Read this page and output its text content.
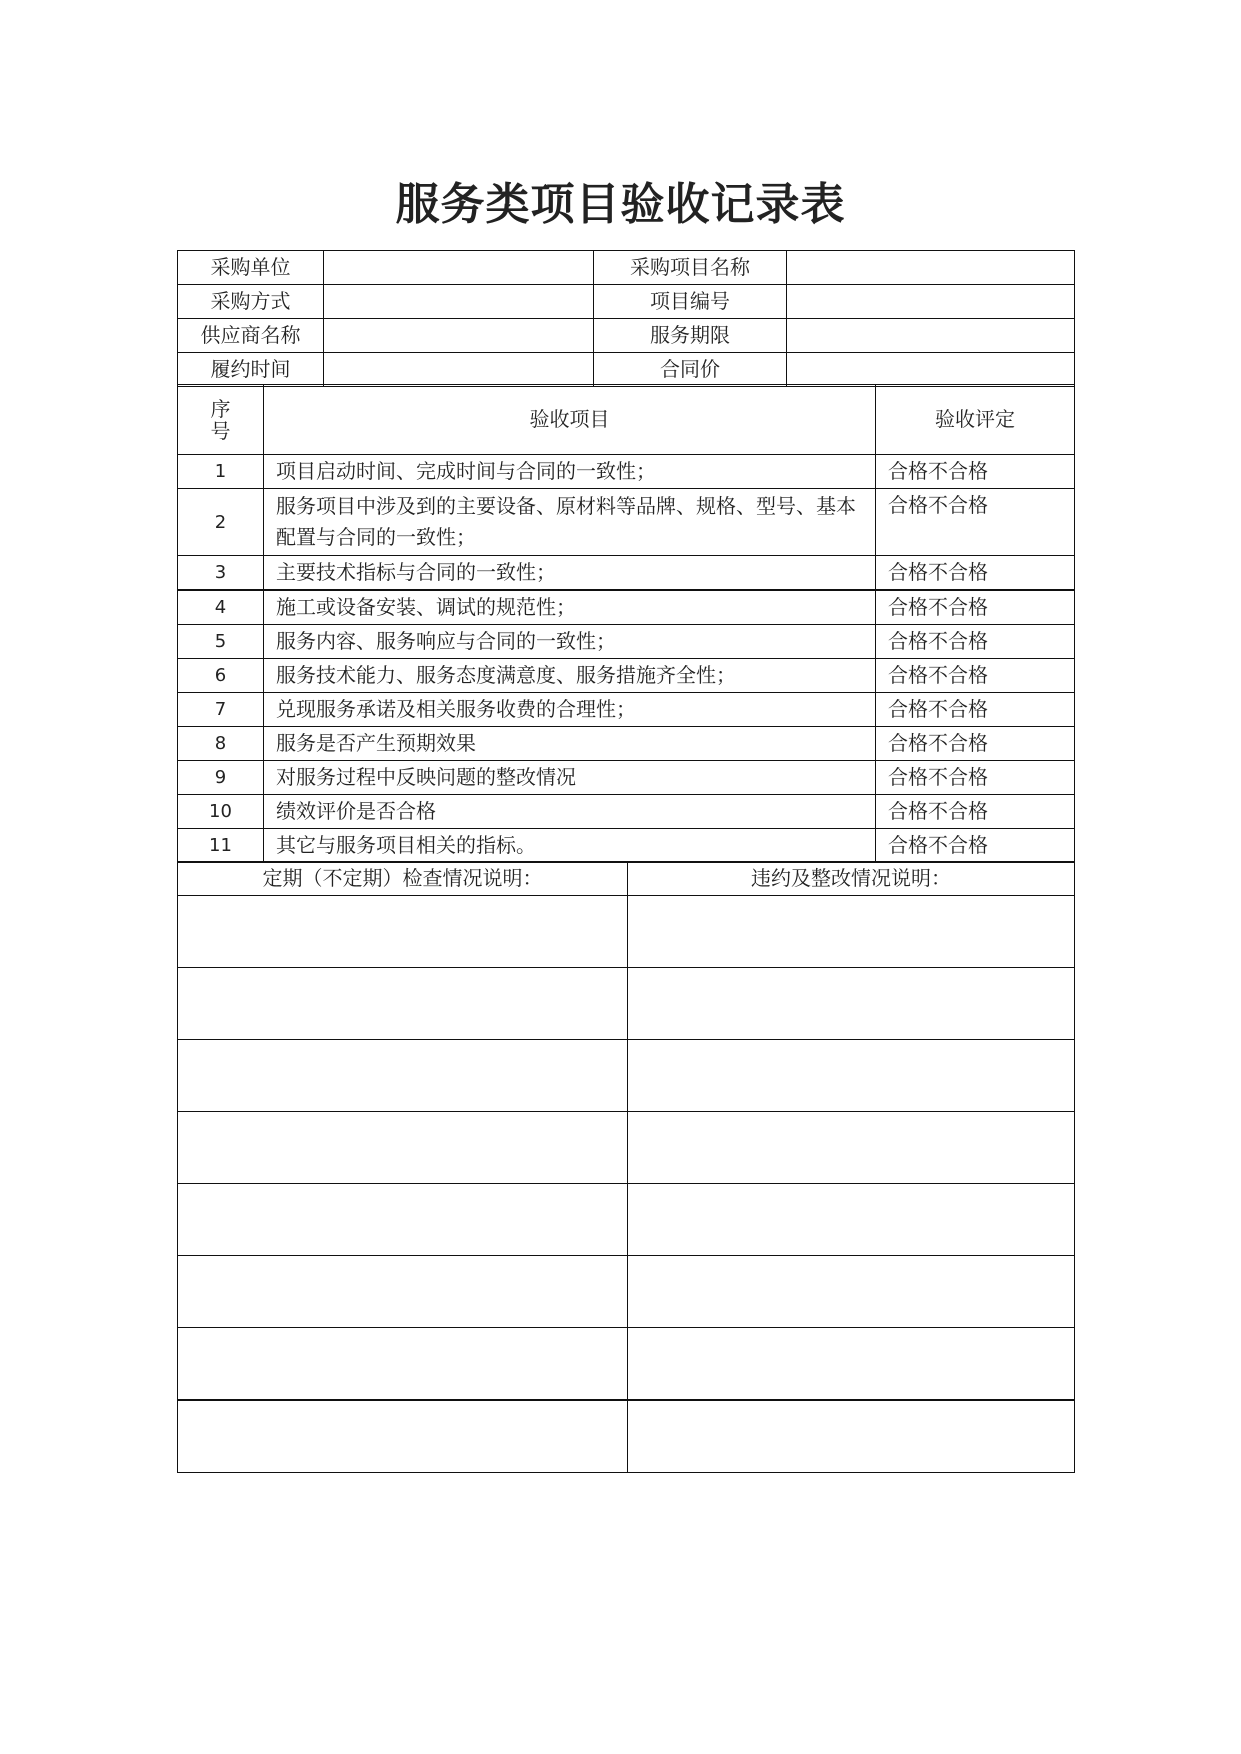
服务类项目验收记录表
采购单位		采购项目名称	
采购方式		项目编号	
供应商名称		服务期限	
履约时间		合同价	
序
号	验收项目	验收评定
1	项目启动时间、完成时间与合同的一致性；	合格不合格
2	服务项目中涉及到的主要设备、原材料等品牌、规格、型号、基本配置与合同的一致性；	合格不合格
3	主要技术指标与合同的一致性；	合格不合格
4	施工或设备安装、调试的规范性；	合格不合格
5	服务内容、服务响应与合同的一致性；	合格不合格
6	服务技术能力、服务态度满意度、服务措施齐全性；	合格不合格
7	兑现服务承诺及相关服务收费的合理性；	合格不合格
8	服务是否产生预期效果	合格不合格
9	对服务过程中反映问题的整改情况	合格不合格
10	绩效评价是否合格	合格不合格
11	其它与服务项目相关的指标。	合格不合格
定期（不定期）检查情况说明：	违约及整改情况说明：
